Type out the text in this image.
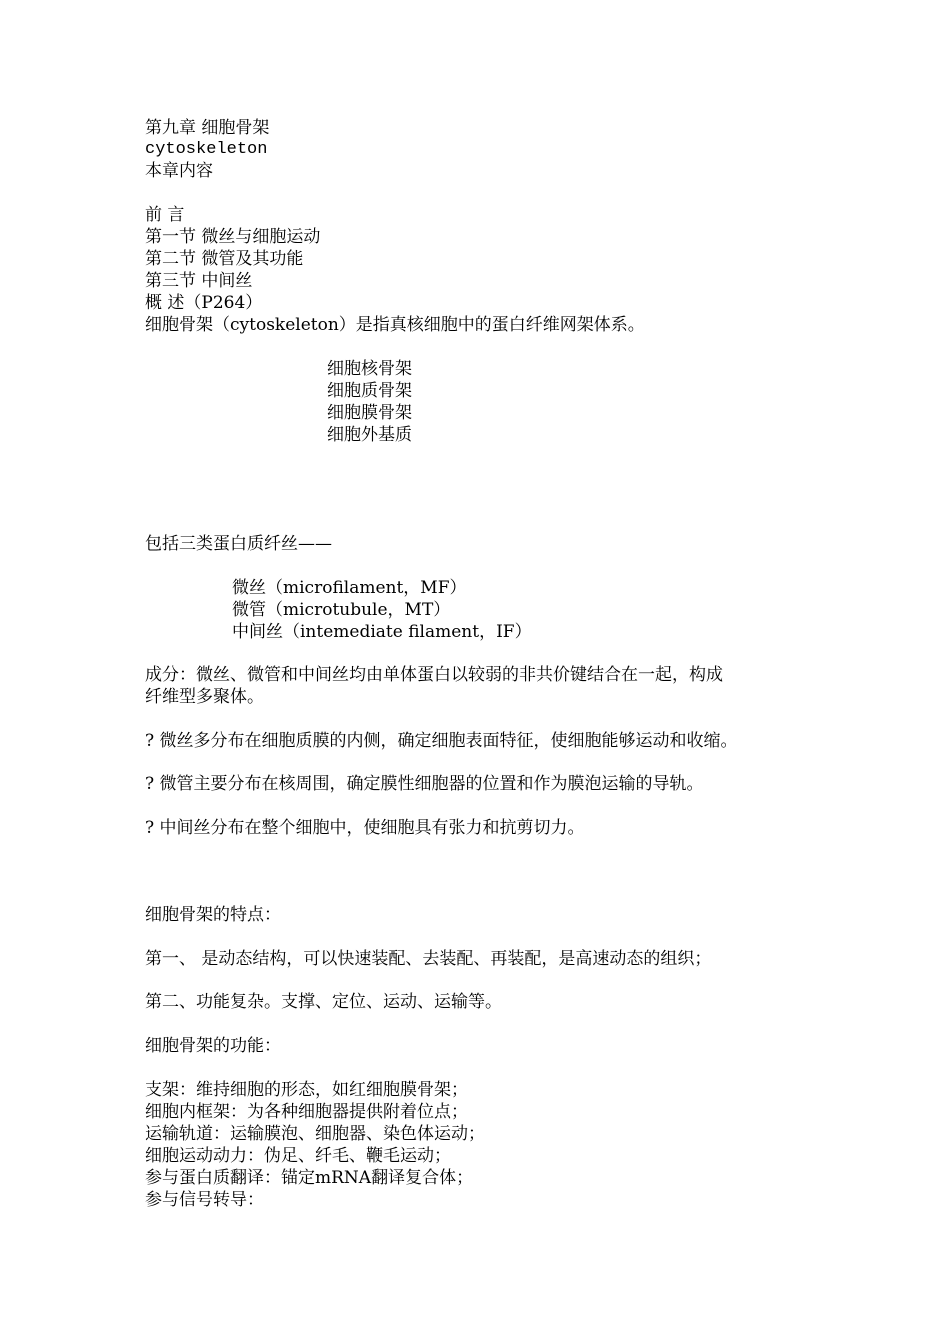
第九章 细胞骨架
cytoskeleton
本章内容
前 言
第一节 微丝与细胞运动
第二节 微管及其功能
第三节 中间丝
概 述（P264）
细胞骨架（cytoskeleton）是指真核细胞中的蛋白纤维网架体系。
细胞核骨架
细胞质骨架
细胞膜骨架
细胞外基质
包括三类蛋白质纤丝——
微丝（microfilament，MF）
微管（microtubule，MT）
中间丝（intemediate filament，IF）
成分：微丝、微管和中间丝均由单体蛋白以较弱的非共价键结合在一起，构成
纤维型多聚体。
? 微丝多分布在细胞质膜的内侧，确定细胞表面特征，使细胞能够运动和收缩。
? 微管主要分布在核周围，确定膜性细胞器的位置和作为膜泡运输的导轨。
? 中间丝分布在整个细胞中，使细胞具有张力和抗剪切力。
细胞骨架的特点：
第一、 是动态结构，可以快速装配、去装配、再装配，是高速动态的组织；
第二、功能复杂。支撑、定位、运动、运输等。
细胞骨架的功能：
支架：维持细胞的形态，如红细胞膜骨架；
细胞内框架：为各种细胞器提供附着位点；
运输轨道：运输膜泡、细胞器、染色体运动；
细胞运动动力：伪足、纤毛、鞭毛运动；
参与蛋白质翻译：锚定mRNA翻译复合体；
参与信号转导：
